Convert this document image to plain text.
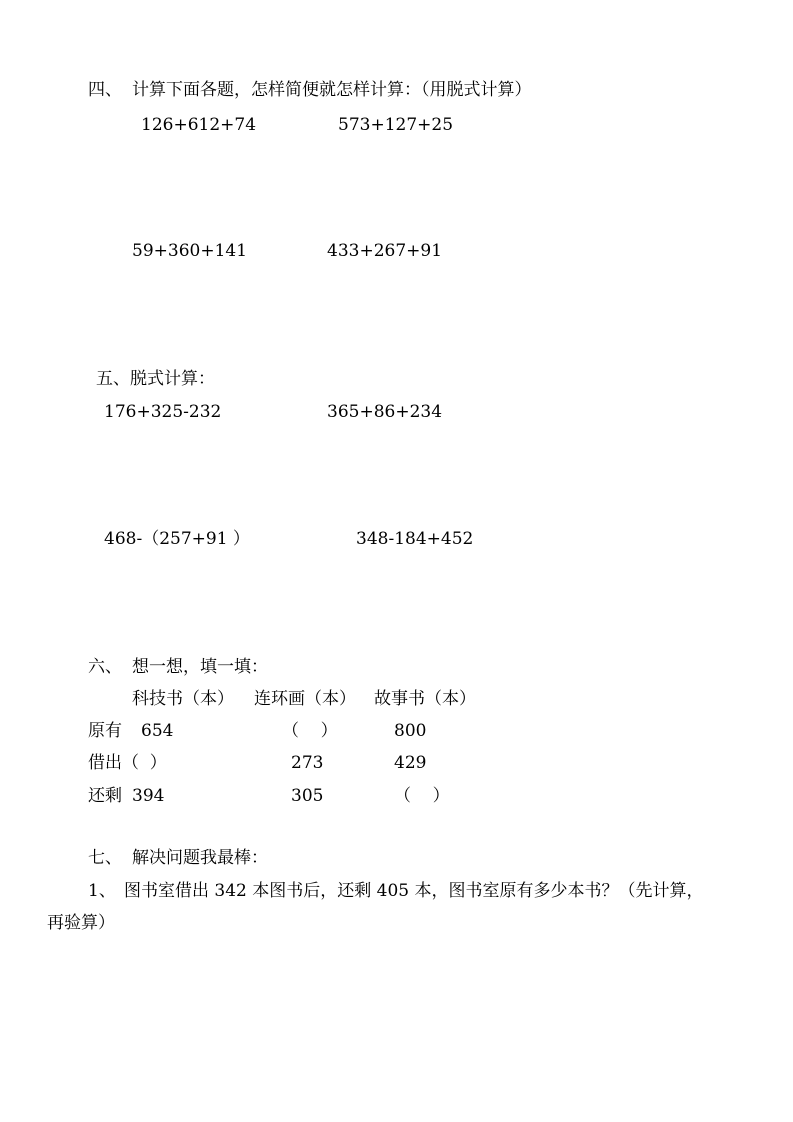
四、 计算下面各题，怎样简便就怎样计算：（用脱式计算）
126+612+74	573+127+25
59+360+141	433+267+91
五、脱式计算：
176+325-232	365+86+234
468-（257+91 ）	348-184+452
六、 想一想，填一填：
科技书（本） 连环画（本） 故事书（本）
原有 654	（    ）	800
借出 （  ）	273	429
还剩 394	305	（    ）
七、 解决问题我最棒：
1、 图书室借出 342 本图书后，还剩 405 本，图书室原有多少本书？（先计算，
再验算）
